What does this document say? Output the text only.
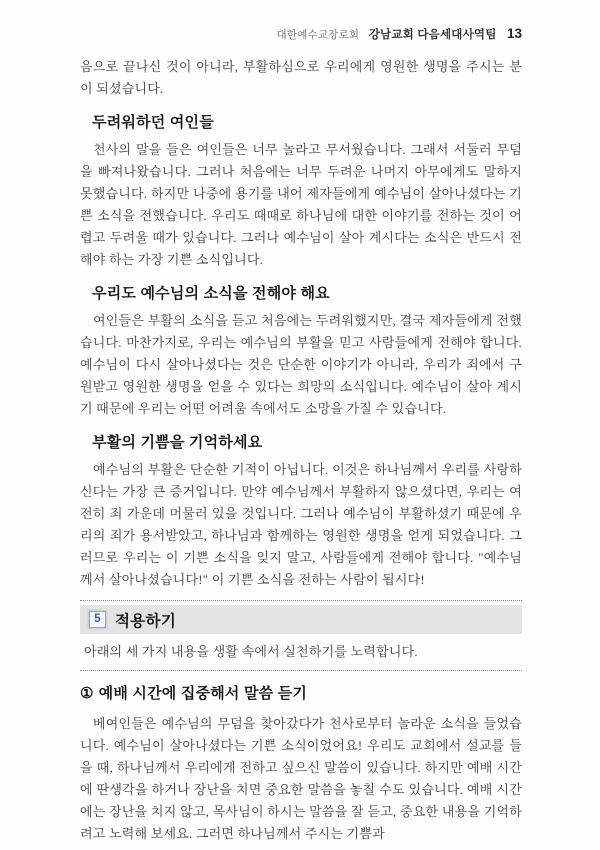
대한예수교장로회 강남교회 다음세대사역팀 13

음으로 끝나신 것이 아니라, 부활하심으로 우리에게 영원한 생명을 주시는 분이 되셨습니다.

두려워하던 여인들

천사의 말을 들은 여인들은 너무 놀라고 무서웠습니다. 그래서 서둘러 무덤을 빠져나왔습니다. 그러나 처음에는 너무 두려운 나머지 아무에게도 말하지 못했습니다. 하지만 나중에 용기를 내어 제자들에게 예수님이 살아나셨다는 기쁜 소식을 전했습니다. 우리도 때때로 하나님에 대한 이야기를 전하는 것이 어렵고 두려울 때가 있습니다. 그러나 예수님이 살아 계시다는 소식은 반드시 전해야 하는 가장 기쁜 소식입니다.

우리도 예수님의 소식을 전해야 해요

여인들은 부활의 소식을 듣고 처음에는 두려워했지만, 결국 제자들에게 전했습니다. 마찬가지로, 우리는 예수님의 부활을 믿고 사람들에게 전해야 합니다. 예수님이 다시 살아나셨다는 것은 단순한 이야기가 아니라, 우리가 죄에서 구원받고 영원한 생명을 얻을 수 있다는 희망의 소식입니다. 예수님이 살아 계시기 때문에 우리는 어떤 어려움 속에서도 소망을 가질 수 있습니다.

부활의 기쁨을 기억하세요

예수님의 부활은 단순한 기적이 아닙니다. 이것은 하나님께서 우리를 사랑하신다는 가장 큰 증거입니다. 만약 예수님께서 부활하지 않으셨다면, 우리는 여전히 죄 가운데 머물러 있을 것입니다. 그러나 예수님이 부활하셨기 때문에 우리의 죄가 용서받았고, 하나님과 함께하는 영원한 생명을 얻게 되었습니다. 그러므로 우리는 이 기쁜 소식을 잊지 말고, 사람들에게 전해야 합니다. "예수님께서 살아나셨습니다!" 이 기쁜 소식을 전하는 사람이 됩시다!

5 적용하기

아래의 세 가지 내용을 생활 속에서 실천하기를 노력합니다.

① 예배 시간에 집중해서 말씀 듣기

베여인들은 예수님의 무덤을 찾아갔다가 천사로부터 놀라운 소식을 들었습니다. 예수님이 살아나셨다는 기쁜 소식이었어요! 우리도 교회에서 설교를 들을 때, 하나님께서 우리에게 전하고 싶으신 말씀이 있습니다. 하지만 예배 시간에 딴생각을 하거나 장난을 치면 중요한 말씀을 놓칠 수도 있습니다. 예배 시간에는 장난을 치지 않고, 목사님이 하시는 말씀을 잘 듣고, 중요한 내용을 기억하려고 노력해 보세요. 그러면 하나님께서 주시는 기쁨과
